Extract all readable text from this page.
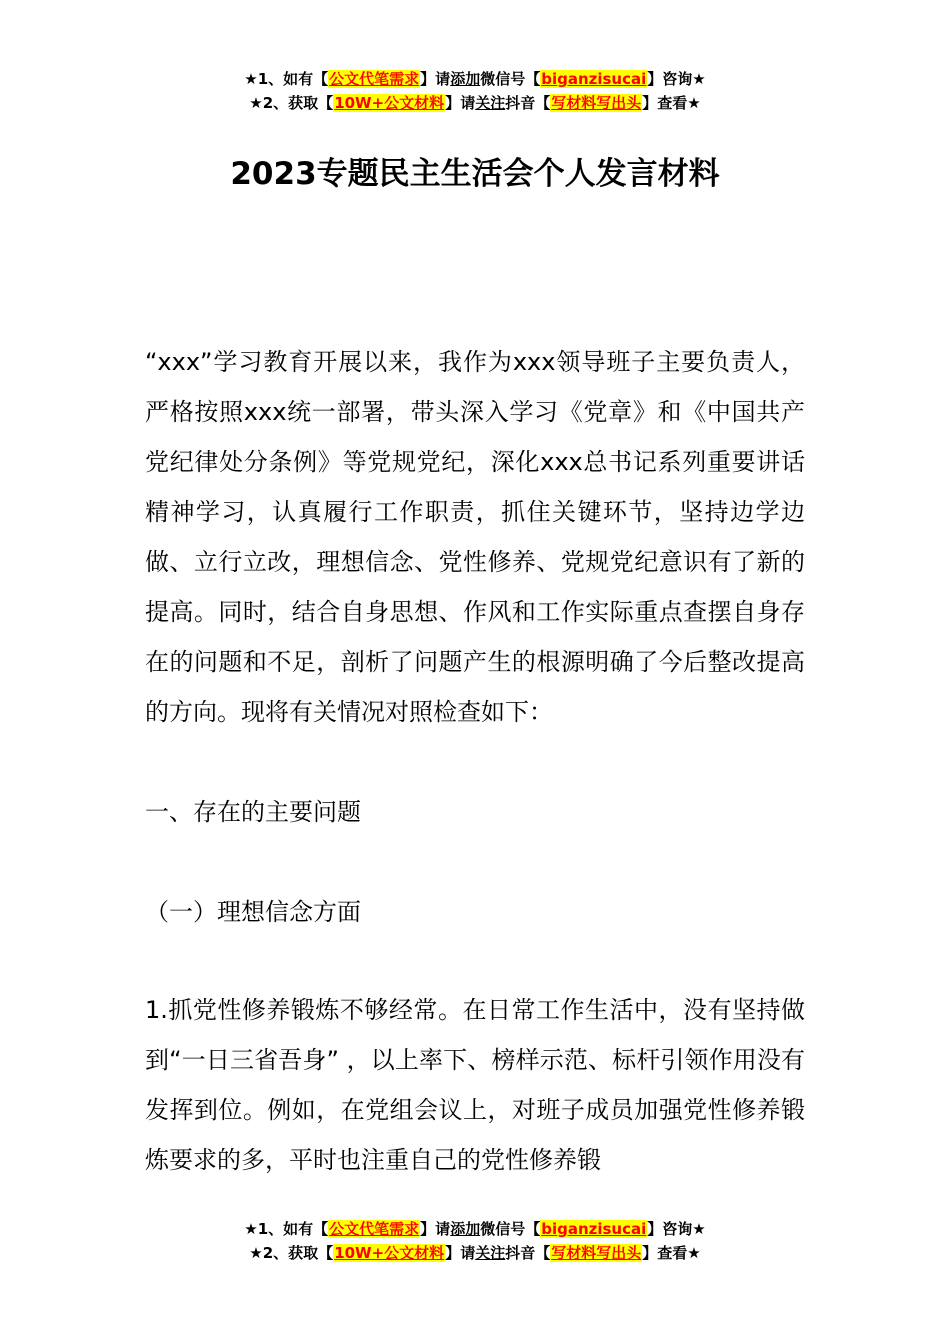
★1、如有【公文代笔需求】请添加微信号【biganzisucai】咨询★
★2、获取【10W+公文材料】请关注抖音【写材料写出头】查看★
2023专题民主生活会个人发言材料

“xxx”学习教育开展以来，我作为xxx领导班子主要负责人，严格按照xxx统一部署，带头深入学习《党章》和《中国共产党纪律处分条例》等党规党纪，深化xxx总书记系列重要讲话精神学习，认真履行工作职责，抓住关键环节，坚持边学边做、立行立改，理想信念、党性修养、党规党纪意识有了新的提高。同时，结合自身思想、作风和工作实际重点查摆自身存在的问题和不足，剖析了问题产生的根源明确了今后整改提高的方向。现将有关情况对照检查如下：

一、存在的主要问题

（一）理想信念方面

1.抓党性修养锻炼不够经常。在日常工作生活中，没有坚持做到“一日三省吾身” ，以上率下、榜样示范、标杆引领作用没有发挥到位。例如，在党组会议上，对班子成员加强党性修养锻炼要求的多，平时也注重自己的党性修养锻

★1、如有【公文代笔需求】请添加微信号【biganzisucai】咨询★
★2、获取【10W+公文材料】请关注抖音【写材料写出头】查看★
